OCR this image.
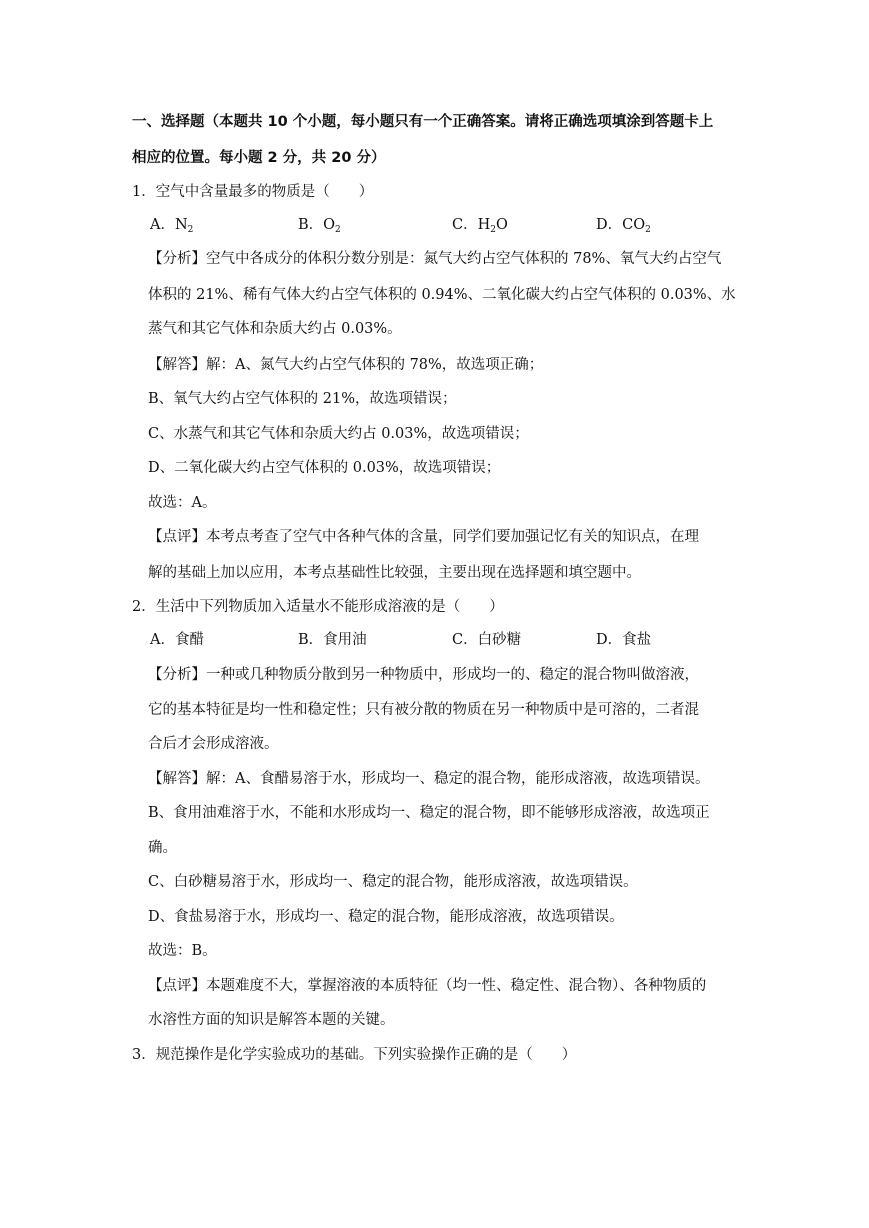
一、选择题（本题共 10 个小题，每小题只有一个正确答案。请将正确选项填涂到答题卡上

相应的位置。每小题 2 分，共 20 分）

1．空气中含量最多的物质是（　　）

A．$N_2$	B．$O_2$	C．$H_2O$	D．$CO_2$

【分析】空气中各成分的体积分数分别是：氮气大约占空气体积的 78%、氧气大约占空气

体积的 21%、稀有气体大约占空气体积的 0.94%、二氧化碳大约占空气体积的 0.03%、水

蒸气和其它气体和杂质大约占 0.03%。

【解答】解：A、氮气大约占空气体积的 78%，故选项正确；

B、氧气大约占空气体积的 21%，故选项错误；

C、水蒸气和其它气体和杂质大约占 0.03%，故选项错误；

D、二氧化碳大约占空气体积的 0.03%，故选项错误；

故选：A。

【点评】本考点考查了空气中各种气体的含量，同学们要加强记忆有关的知识点，在理

解的基础上加以应用，本考点基础性比较强，主要出现在选择题和填空题中。

2．生活中下列物质加入适量水不能形成溶液的是（　　）

A．食醋	B．食用油	C．白砂糖	D．食盐

【分析】一种或几种物质分散到另一种物质中，形成均一的、稳定的混合物叫做溶液，

它的基本特征是均一性和稳定性；只有被分散的物质在另一种物质中是可溶的，二者混

合后才会形成溶液。

【解答】解：A、食醋易溶于水，形成均一、稳定的混合物，能形成溶液，故选项错误。

B、食用油难溶于水，不能和水形成均一、稳定的混合物，即不能够形成溶液，故选项正

确。

C、白砂糖易溶于水，形成均一、稳定的混合物，能形成溶液，故选项错误。

D、食盐易溶于水，形成均一、稳定的混合物，能形成溶液，故选项错误。

故选：B。

【点评】本题难度不大，掌握溶液的本质特征（均一性、稳定性、混合物）、各种物质的

水溶性方面的知识是解答本题的关键。

3．规范操作是化学实验成功的基础。下列实验操作正确的是（　　）
